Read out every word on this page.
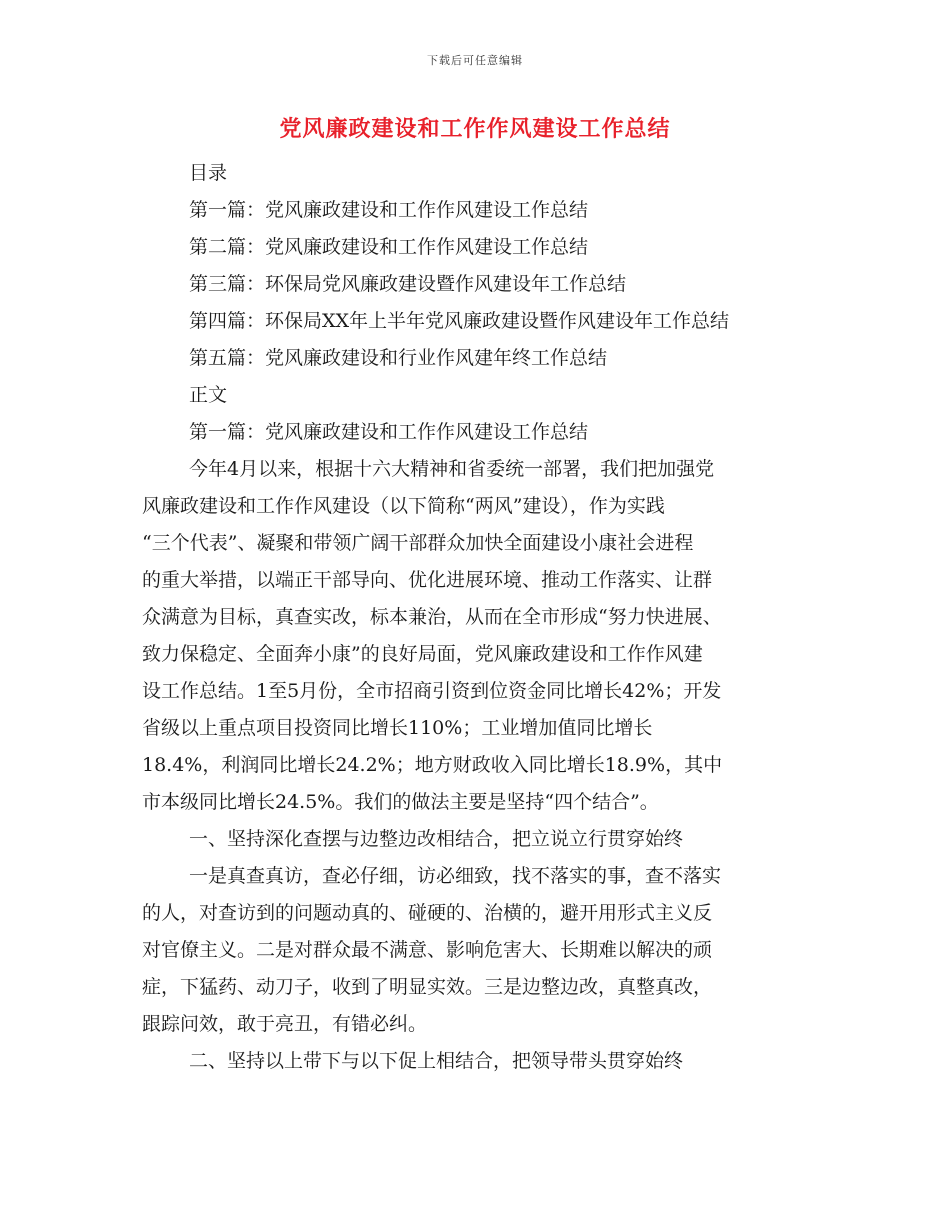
下载后可任意编辑
党风廉政建设和工作作风建设工作总结
目录
第一篇：党风廉政建设和工作作风建设工作总结
第二篇：党风廉政建设和工作作风建设工作总结
第三篇：环保局党风廉政建设暨作风建设年工作总结
第四篇：环保局XX年上半年党风廉政建设暨作风建设年工作总结
第五篇：党风廉政建设和行业作风建年终工作总结
正文
第一篇：党风廉政建设和工作作风建设工作总结
今年4月以来，根据十六大精神和省委统一部署，我们把加强党
风廉政建设和工作作风建设（以下简称“两风”建设），作为实践
“三个代表”、凝聚和带领广阔干部群众加快全面建设小康社会进程
的重大举措，以端正干部导向、优化进展环境、推动工作落实、让群
众满意为目标，真查实改，标本兼治，从而在全市形成“努力快进展、
致力保稳定、全面奔小康”的良好局面，党风廉政建设和工作作风建
设工作总结。1至5月份，全市招商引资到位资金同比增长42%；开发
省级以上重点项目投资同比增长110%；工业增加值同比增长
18.4%，利润同比增长24.2%；地方财政收入同比增长18.9%，其中
市本级同比增长24.5%。我们的做法主要是坚持“四个结合”。
一、坚持深化查摆与边整边改相结合，把立说立行贯穿始终
一是真查真访，查必仔细，访必细致，找不落实的事，查不落实
的人，对查访到的问题动真的、碰硬的、治横的，避开用形式主义反
对官僚主义。二是对群众最不满意、影响危害大、长期难以解决的顽
症，下猛药、动刀子，收到了明显实效。三是边整边改，真整真改，
跟踪问效，敢于亮丑，有错必纠。
二、坚持以上带下与以下促上相结合，把领导带头贯穿始终
